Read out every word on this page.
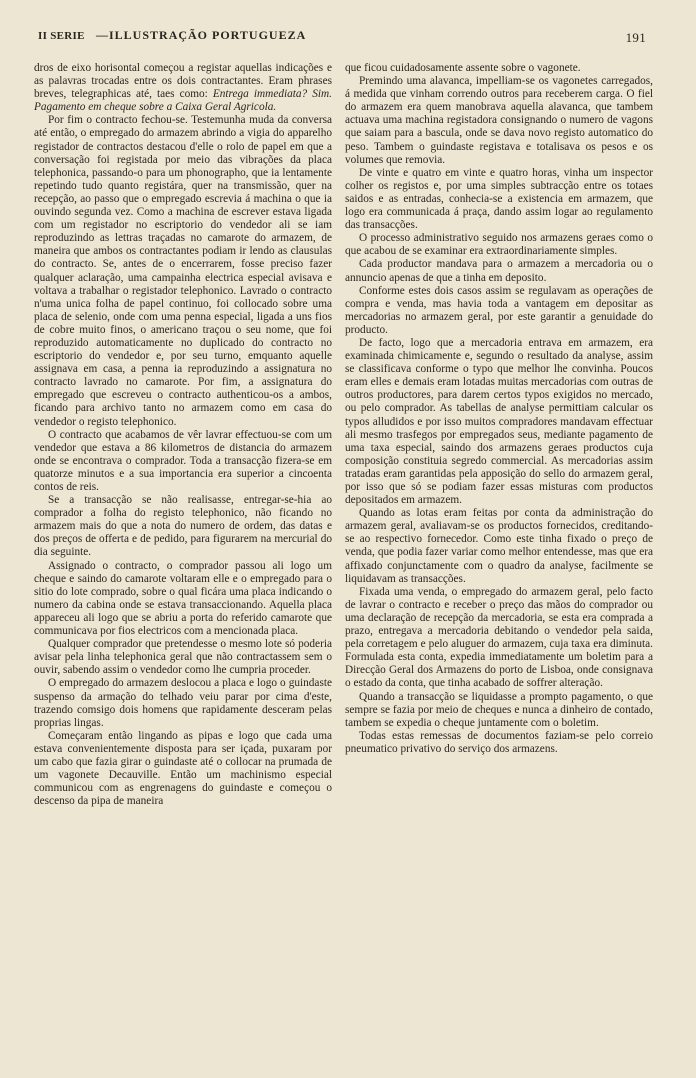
II SERIE —ILLUSTRAÇÃO PORTUGUEZA	191

dros de eixo horisontal começou a registar aquellas indicações e as palavras trocadas entre os dois contractantes. Eram phrases breves, telegraphicas até, taes como: Entrega immediata? Sim. Pagamento em cheque sobre a Caixa Geral Agricola.

Por fim o contracto fechou-se. Testemunha muda da conversa até então, o empregado do armazem abrindo a vigia do apparelho registador de contractos destacou d'elle o rolo de papel em que a conversação foi registada por meio das vibrações da placa telephonica, passando-o para um phonographo, que ia lentamente repetindo tudo quanto registára, quer na transmissão, quer na recepção, ao passo que o empregado escrevia á machina o que ia ouvindo segunda vez. Como a machina de escrever estava ligada com um registador no escriptorio do vendedor ali se iam reproduzindo as lettras traçadas no camarote do armazem, de maneira que ambos os contractantes podiam ir lendo as clausulas do contracto. Se, antes de o encerrarem, fosse preciso fazer qualquer aclaração, uma campainha electrica especial avisava e voltava a trabalhar o registador telephonico. Lavrado o contracto n'uma unica folha de papel continuo, foi collocado sobre uma placa de selenio, onde com uma penna especial, ligada a uns fios de cobre muito finos, o americano traçou o seu nome, que foi reproduzido automaticamente no duplicado do contracto no escriptorio do vendedor e, por seu turno, emquanto aquelle assignava em casa, a penna ia reproduzindo a assignatura no contracto lavrado no camarote. Por fim, a assignatura do empregado que escreveu o contracto authenticou-os a ambos, ficando para archivo tanto no armazem como em casa do vendedor o registo telephonico.

O contracto que acabamos de vêr lavrar effectuou-se com um vendedor que estava a 86 kilometros de distancia do armazem onde se encontrava o comprador. Toda a transacção fizera-se em quatorze minutos e a sua importancia era superior a cincoenta contos de reis.

Se a transacção se não realisasse, entregar-se-hia ao comprador a folha do registo telephonico, não ficando no armazem mais do que a nota do numero de ordem, das datas e dos preços de offerta e de pedido, para figurarem na mercurial do dia seguinte.

Assignado o contracto, o comprador passou ali logo um cheque e saindo do camarote voltaram elle e o empregado para o sitio do lote comprado, sobre o qual ficára uma placa indicando o numero da cabina onde se estava transaccionando. Aquella placa appareceu ali logo que se abriu a porta do referido camarote que communicava por fios electricos com a mencionada placa.

Qualquer comprador que pretendesse o mesmo lote só poderia avisar pela linha telephonica geral que não contractassem sem o ouvir, sabendo assim o vendedor como lhe cumpria proceder.

O empregado do armazem deslocou a placa e logo o guindaste suspenso da armação do telhado veiu parar por cima d'este, trazendo comsigo dois homens que rapidamente desceram pelas proprias lingas.

Começaram então lingando as pipas e logo que cada uma estava convenientemente disposta para ser içada, puxaram por um cabo que fazia girar o guindaste até o collocar na prumada de um vagonete Decauville. Então um machinismo especial communicou com as engrenagens do guindaste e começou o descenso da pipa de maneira

que ficou cuidadosamente assente sobre o vagonete.

Premindo uma alavanca, impelliam-se os vagonetes carregados, á medida que vinham correndo outros para receberem carga. O fiel do armazem era quem manobrava aquella alavanca, que tambem actuava uma machina registadora consignando o numero de vagons que saiam para a bascula, onde se dava novo registo automatico do peso. Tambem o guindaste registava e totalisava os pesos e os volumes que removia.

De vinte e quatro em vinte e quatro horas, vinha um inspector colher os registos e, por uma simples subtracção entre os totaes saidos e as entradas, conhecia-se a existencia em armazem, que logo era communicada á praça, dando assim logar ao regulamento das transacções.

O processo administrativo seguido nos armazens geraes como o que acabou de se examinar era extraordinariamente simples.

Cada productor mandava para o armazem a mercadoria ou o annuncio apenas de que a tinha em deposito.

Conforme estes dois casos assim se regulavam as operações de compra e venda, mas havia toda a vantagem em depositar as mercadorias no armazem geral, por este garantir a genuidade do producto.

De facto, logo que a mercadoria entrava em armazem, era examinada chimicamente e, segundo o resultado da analyse, assim se classificava conforme o typo que melhor lhe convinha. Poucos eram elles e demais eram lotadas muitas mercadorias com outras de outros productores, para darem certos typos exigidos no mercado, ou pelo comprador. As tabellas de analyse permittiam calcular os typos alludidos e por isso muitos compradores mandavam effectuar ali mesmo trasfegos por empregados seus, mediante pagamento de uma taxa especial, saindo dos armazens geraes productos cuja composição constituia segredo commercial. As mercadorias assim tratadas eram garantidas pela apposição do sello do armazem geral, por isso que só se podiam fazer essas misturas com productos depositados em armazem.

Quando as lotas eram feitas por conta da administração do armazem geral, avaliavam-se os productos fornecidos, creditando-se ao respectivo fornecedor. Como este tinha fixado o preço de venda, que podia fazer variar como melhor entendesse, mas que era affixado conjunctamente com o quadro da analyse, facilmente se liquidavam as transacções.

Fixada uma venda, o empregado do armazem geral, pelo facto de lavrar o contracto e receber o preço das mãos do comprador ou uma declaração de recepção da mercadoria, se esta era comprada a prazo, entregava a mercadoria debitando o vendedor pela saida, pela corretagem e pelo aluguer do armazem, cuja taxa era diminuta. Formulada esta conta, expedia immediatamente um boletim para a Direcção Geral dos Armazens do porto de Lisboa, onde consignava o estado da conta, que tinha acabado de soffrer alteração.

Quando a transacção se liquidasse a prompto pagamento, o que sempre se fazia por meio de cheques e nunca a dinheiro de contado, tambem se expedia o cheque juntamente com o boletim.

Todas estas remessas de documentos faziam-se pelo correio pneumatico privativo do serviço dos armazens.
